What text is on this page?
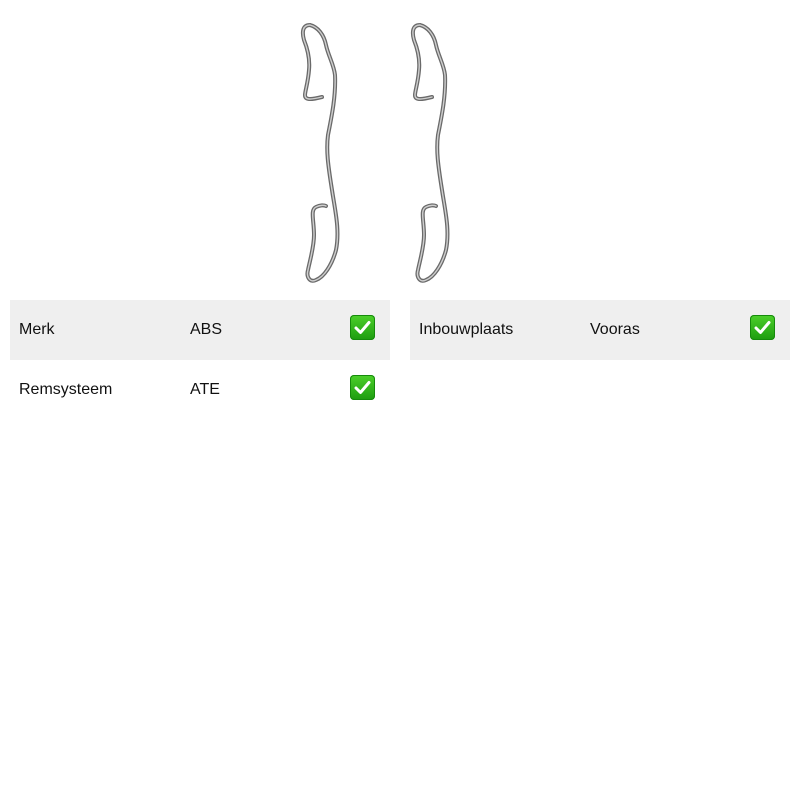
Merk	ABS
Remsysteem	ATE
Inbouwplaats	Vooras
